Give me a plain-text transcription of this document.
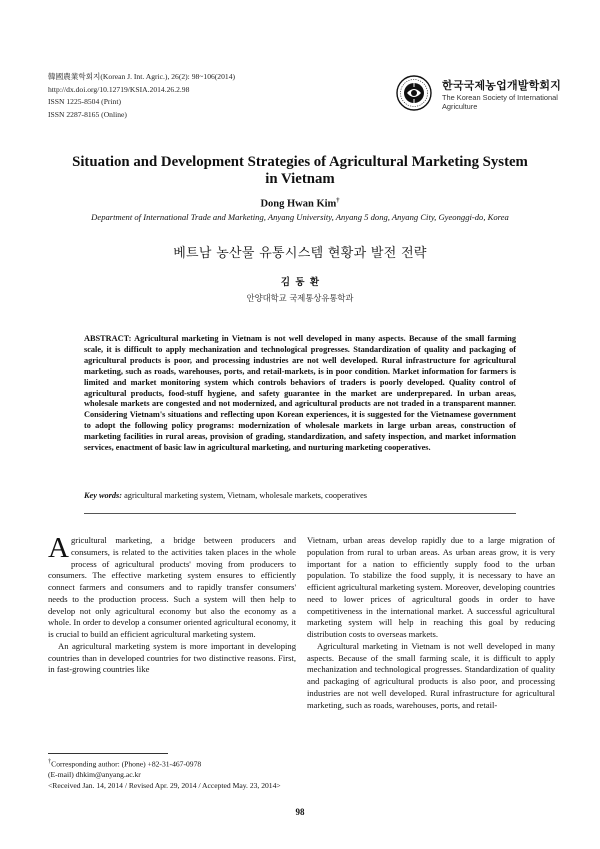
韓國農業학회지(Korean J. Int. Agric.), 26(2): 98~106(2014)
http://dx.doi.org/10.12719/KSIA.2014.26.2.98
ISSN 1225-8504 (Print)
ISSN 2287-8165 (Online)
한국국제농업개발학회지
The Korean Society of International Agriculture
Situation and Development Strategies of Agricultural Marketing System
in Vietnam
Dong Hwan Kim†
Department of International Trade and Marketing, Anyang University, Anyang 5 dong, Anyang City, Gyeonggi-do, Korea
베트남 농산물 유통시스템 현황과 발전 전략
김 동 환
안양대학교 국제통상유통학과
ABSTRACT: Agricultural marketing in Vietnam is not well developed in many aspects. Because of the small farming scale, it is difficult to apply mechanization and technological progresses. Standardization of quality and packaging of agricultural products is poor, and processing industries are not well developed. Rural infrastructure for agricultural marketing, such as roads, warehouses, ports, and retail-markets, is in poor condition. Market information for farmers is limited and market monitoring system which controls behaviors of traders is poorly developed. Quality control of agricultural products, food-stuff hygiene, and safety guarantee in the market are underprepared. In urban areas, wholesale markets are congested and not modernized, and agricultural products are not traded in a transparent manner. Considering Vietnam's situations and reflecting upon Korean experiences, it is suggested for the Vietnamese government to adopt the following policy programs: modernization of wholesale markets in large urban areas, construction of marketing facilities in rural areas, provision of grading, standardization, and safety inspection, and market information services, enactment of basic law in agricultural marketing, and nurturing marketing cooperatives.
Key words: agricultural marketing system, Vietnam, wholesale markets, cooperatives

Agricultural marketing, a bridge between producers and consumers, is related to the activities taken places in the whole process of agricultural products' moving from producers to consumers. The effective marketing system ensures to efficiently connect farmers and consumers and to rapidly transfer consumers' needs to the production process. Such a system will then help to develop not only agricultural economy but also the economy as a whole. In order to develop a consumer oriented agricultural economy, it is crucial to build an efficient agricultural marketing system.

An agricultural marketing system is more important in developing countries than in developed countries for two distinctive reasons. First, in fast-growing countries like

Vietnam, urban areas develop rapidly due to a large migration of population from rural to urban areas. As urban areas grow, it is very important for a nation to efficiently supply food to the urban population. To stabilize the food supply, it is necessary to have an efficient agricultural marketing system. Moreover, developing countries need to lower prices of agricultural goods in order to have competitiveness in the international market. A successful agricultural marketing system will help in reaching this goal by reducing distribution costs to overseas markets.

Agricultural marketing in Vietnam is not well developed in many aspects. Because of the small farming scale, it is difficult to apply mechanization and technological progresses. Standardization of quality and packaging of agricultural products is also poor, and processing industries are not well developed. Rural infrastructure for agricultural marketing, such as roads, warehouses, ports, and retail-

†Corresponding author: (Phone) +82-31-467-0978
(E-mail) dhkim@anyang.ac.kr
<Received Jan. 14, 2014 / Revised Apr. 29, 2014 / Accepted May. 23, 2014>
98
